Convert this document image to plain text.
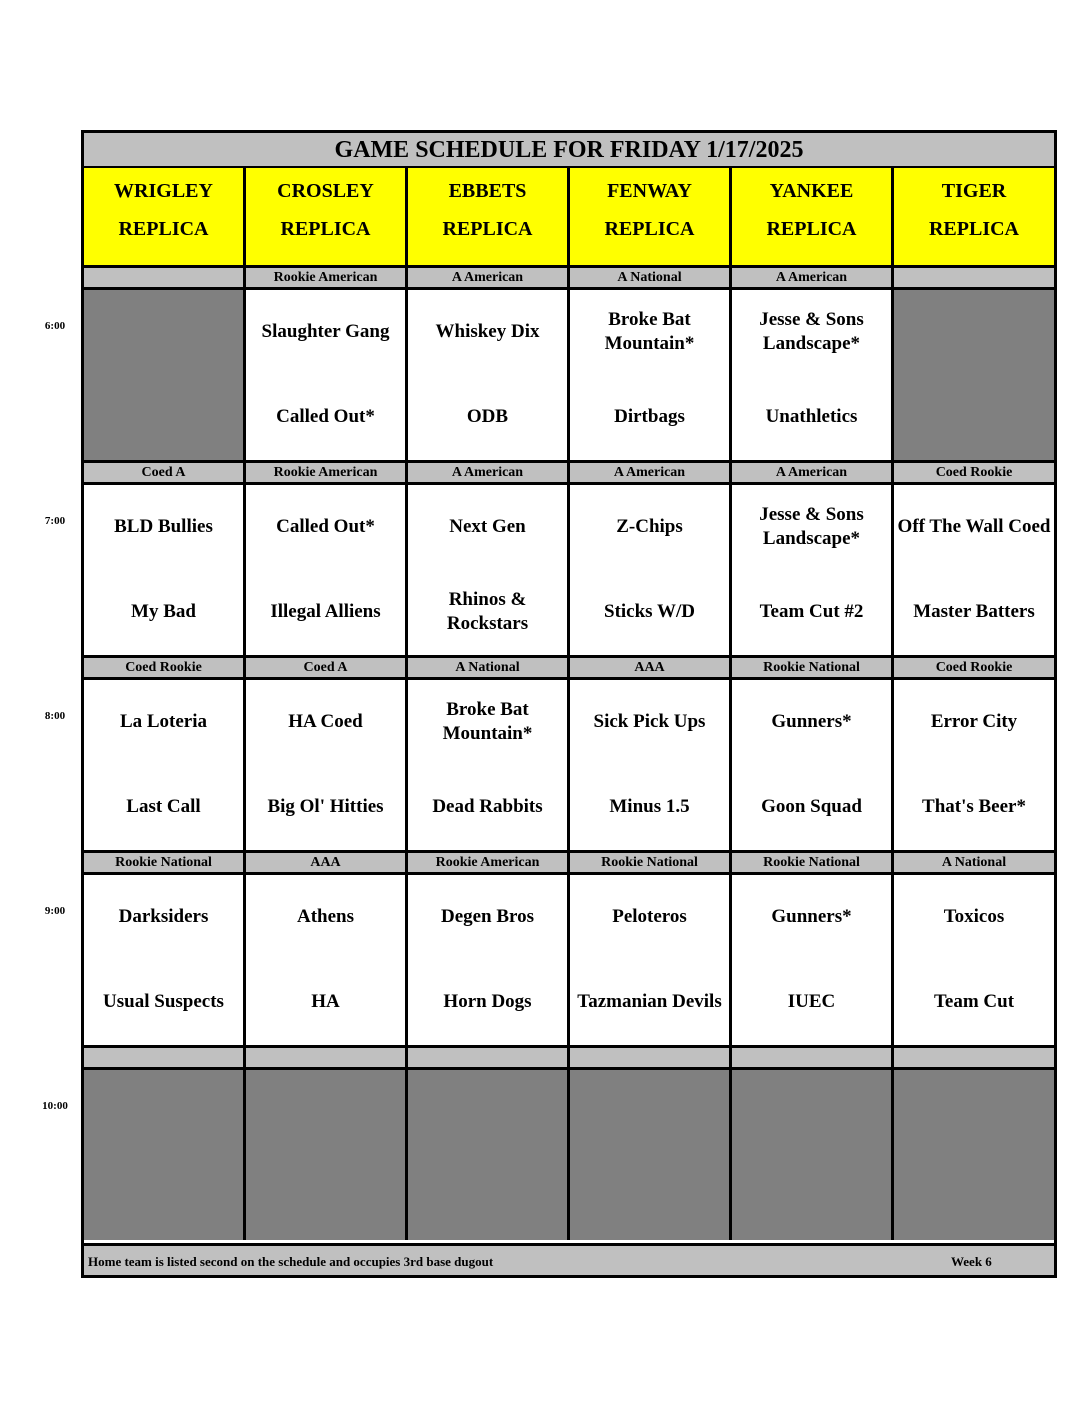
GAME SCHEDULE FOR FRIDAY 1/17/2025
WRIGLEY
REPLICA
CROSLEY
REPLICA
EBBETS
REPLICA
FENWAY
REPLICA
YANKEE
REPLICA
TIGER
REPLICA
Rookie American
Slaughter Gang
Called Out*
A American
Whiskey Dix
ODB
A National
Broke Bat Mountain*
Dirtbags
A American
Jesse & Sons Landscape*
Unathletics
Coed A
BLD Bullies
My Bad
Rookie American
Called Out*
Illegal Alliens
A American
Next Gen
Rhinos & Rockstars
A American
Z-Chips
Sticks W/D
A American
Jesse & Sons Landscape*
Team Cut #2
Coed Rookie
Off The Wall Coed
Master Batters
Coed Rookie
La Loteria
Last Call
Coed A
HA Coed
Big Ol' Hitties
A National
Broke Bat Mountain*
Dead Rabbits
AAA
Sick Pick Ups
Minus 1.5
Rookie National
Gunners*
Goon Squad
Coed Rookie
Error City
That's Beer*
Rookie National
Darksiders
Usual Suspects
AAA
Athens
HA
Rookie American
Degen Bros
Horn Dogs
Rookie National
Peloteros
Tazmanian Devils
Rookie National
Gunners*
IUEC
A National
Toxicos
Team Cut
Home team is listed second on the schedule and occupies 3rd base dugout	Week 6
6:00
7:00
8:00
9:00
10:00
